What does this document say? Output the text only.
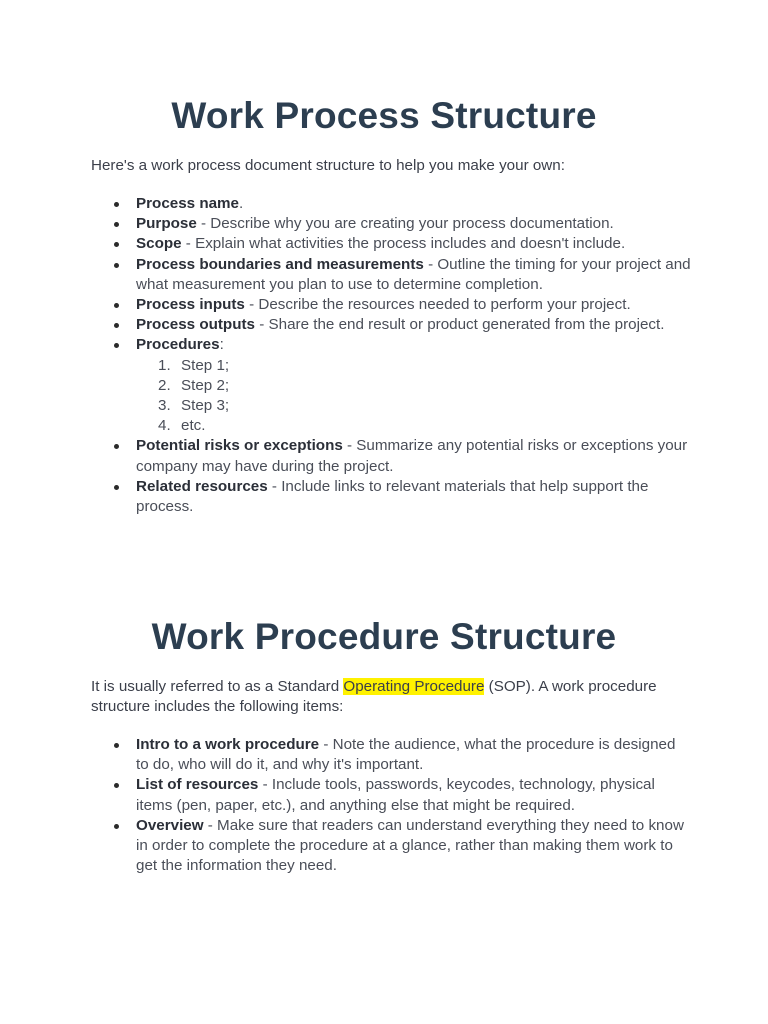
Work Process Structure

Here's a work process document structure to help you make your own:

Process name.
Purpose - Describe why you are creating your process documentation.
Scope - Explain what activities the process includes and doesn't include.
Process boundaries and measurements - Outline the timing for your project and what measurement you plan to use to determine completion.
Process inputs - Describe the resources needed to perform your project.
Process outputs - Share the end result or product generated from the project.
Procedures:
1. Step 1;
2. Step 2;
3. Step 3;
4. etc.
Potential risks or exceptions - Summarize any potential risks or exceptions your company may have during the project.
Related resources - Include links to relevant materials that help support the process.
Work Procedure Structure

It is usually referred to as a Standard Operating Procedure (SOP). A work procedure structure includes the following items:

Intro to a work procedure - Note the audience, what the procedure is designed to do, who will do it, and why it's important.
List of resources - Include tools, passwords, keycodes, technology, physical items (pen, paper, etc.), and anything else that might be required.
Overview - Make sure that readers can understand everything they need to know in order to complete the procedure at a glance, rather than making them work to get the information they need.
